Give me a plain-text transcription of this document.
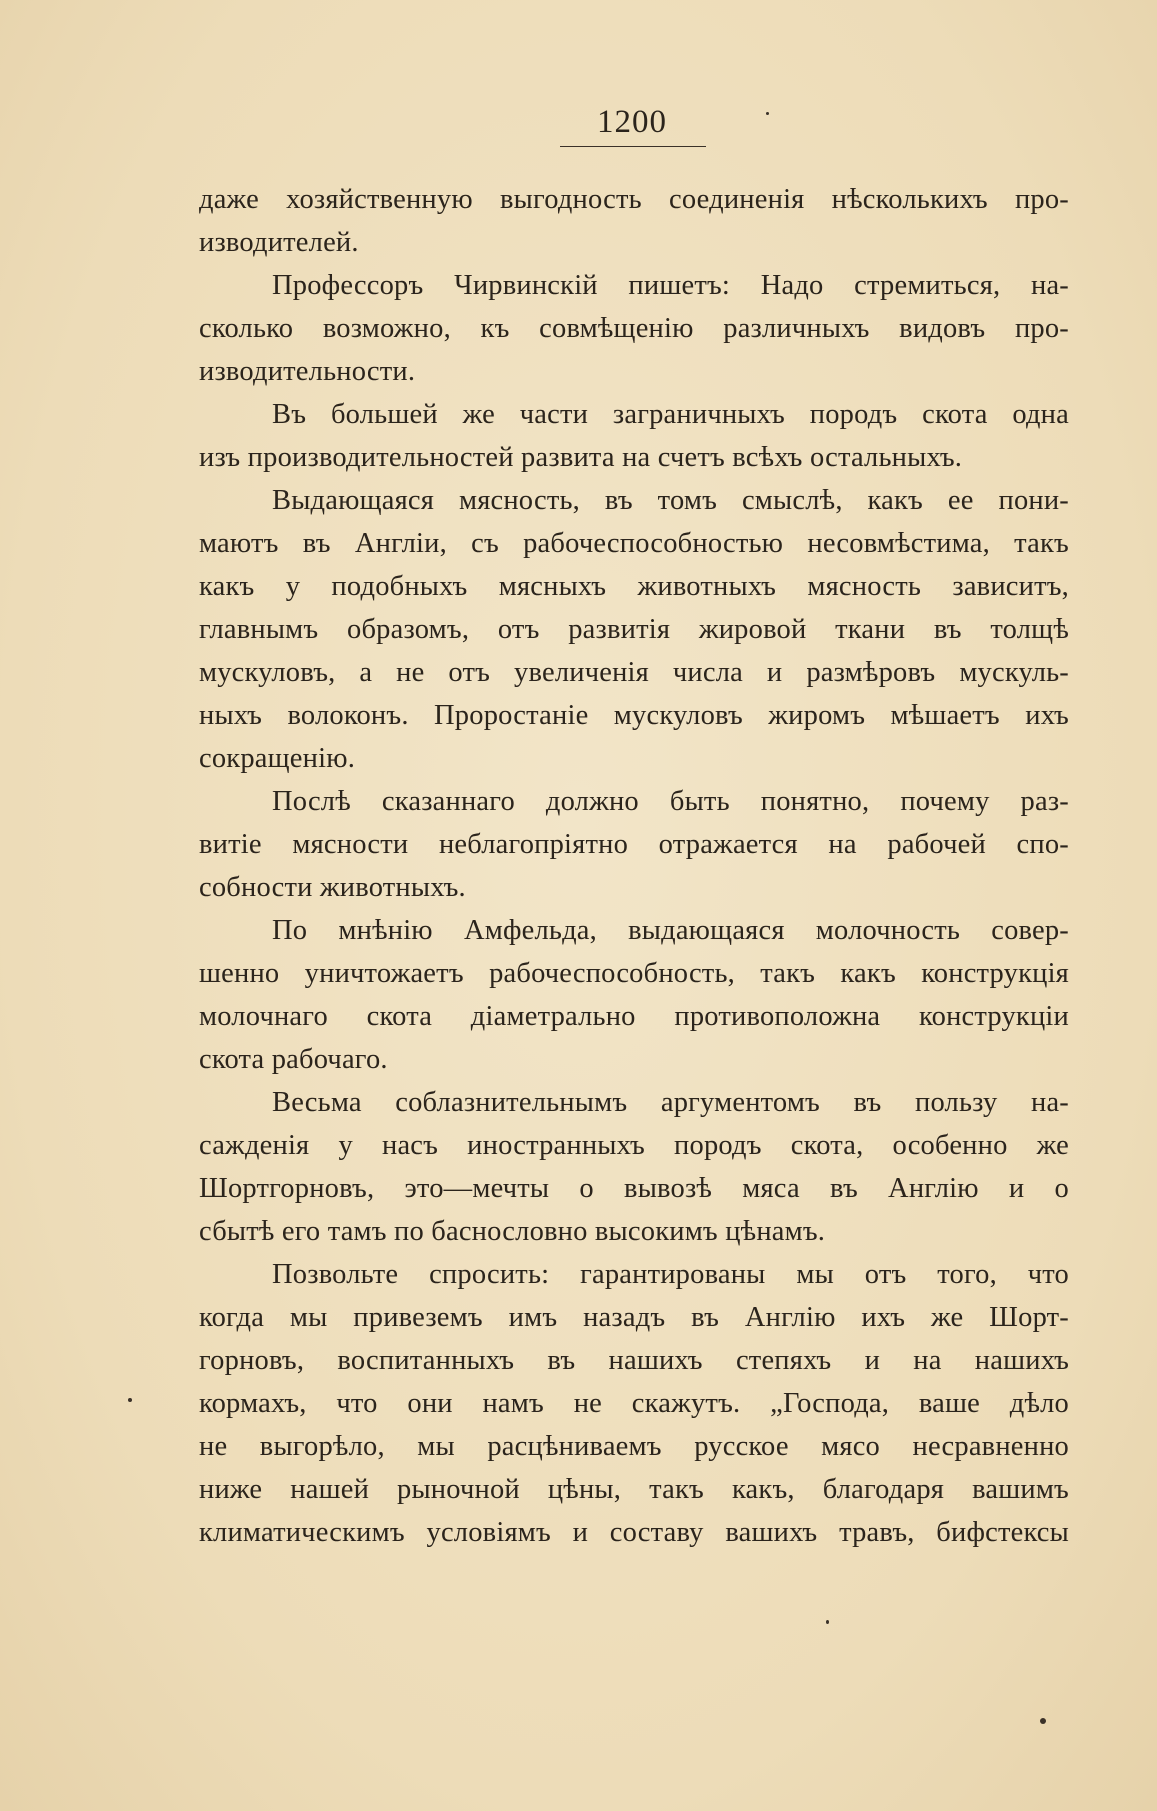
1200
даже хозяйственную выгодность соединенія нѣсколькихъ про-
изводителей.
Профессоръ Чирвинскій пишетъ: Надо стремиться, на-
сколько возможно, къ совмѣщенію различныхъ видовъ про-
изводительности.
Въ большей же части заграничныхъ породъ скота одна
изъ производительностей развита на счетъ всѣхъ остальныхъ.
Выдающаяся мясность, въ томъ смыслѣ, какъ ее пони-
маютъ въ Англіи, съ рабочеспособностью несовмѣстима, такъ
какъ у подобныхъ мясныхъ животныхъ мясность зависитъ,
главнымъ образомъ, отъ развитія жировой ткани въ толщѣ
мускуловъ, а не отъ увеличенія числа и размѣровъ мускуль-
ныхъ волоконъ. Проростаніе мускуловъ жиромъ мѣшаетъ ихъ
сокращенію.
Послѣ сказаннаго должно быть понятно, почему раз-
витіе мясности неблагопріятно отражается на рабочей спо-
собности животныхъ.
По мнѣнію Амфельда, выдающаяся молочность совер-
шенно уничтожаетъ рабочеспособность, такъ какъ конструкція
молочнаго скота діаметрально противоположна конструкціи
скота рабочаго.
Весьма соблазнительнымъ аргументомъ въ пользу на-
сажденія у насъ иностранныхъ породъ скота, особенно же
Шортгорновъ, это—мечты о вывозѣ мяса въ Англію и о
сбытѣ его тамъ по баснословно высокимъ цѣнамъ.
Позвольте спросить: гарантированы мы отъ того, что
когда мы привеземъ имъ назадъ въ Англію ихъ же Шорт-
горновъ, воспитанныхъ въ нашихъ степяхъ и на нашихъ
кормахъ, что они намъ не скажутъ. „Господа, ваше дѣло
не выгорѣло, мы расцѣниваемъ русское мясо несравненно
ниже нашей рыночной цѣны, такъ какъ, благодаря вашимъ
климатическимъ условіямъ и составу вашихъ травъ, бифстексы
